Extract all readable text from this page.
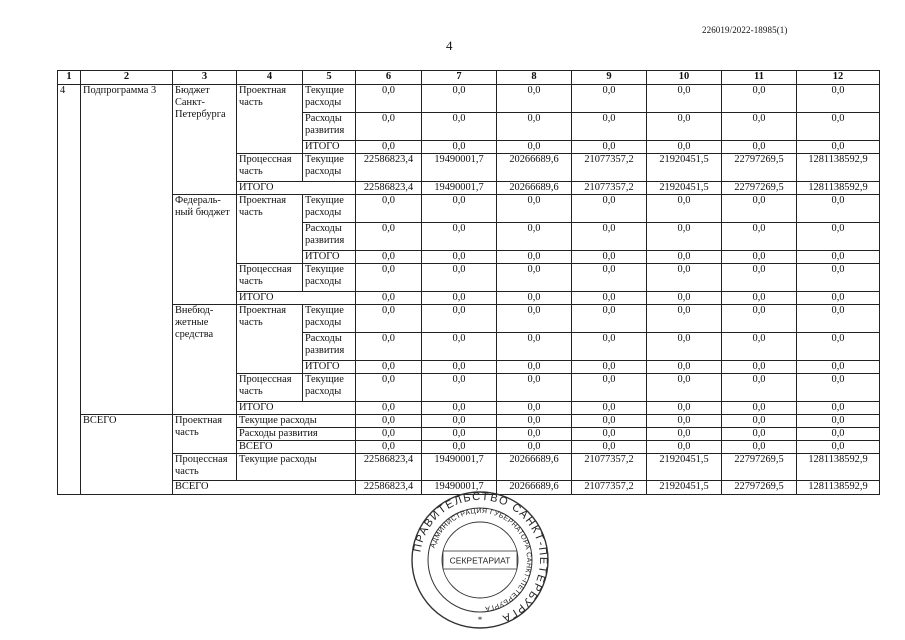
226019/2022-18985(1)
4
1	2	3	4	5	6	7	8	9	10	11	12
4	Подпрограмма 3	Бюджет Санкт-Петербурга	Проектная часть	Текущие расходы	0,0	0,0	0,0	0,0	0,0	0,0	0,0
				Расходы развития	0,0	0,0	0,0	0,0	0,0	0,0	0,0
				ИТОГО	0,0	0,0	0,0	0,0	0,0	0,0	0,0
			Процессная часть	Текущие расходы	22586823,4	19490001,7	20266689,6	21077357,2	21920451,5	22797269,5	1281138592,9
			ИТОГО		22586823,4	19490001,7	20266689,6	21077357,2	21920451,5	22797269,5	1281138592,9
		Федераль-ный бюджет	Проектная часть	Текущие расходы	0,0	0,0	0,0	0,0	0,0	0,0	0,0
				Расходы развития	0,0	0,0	0,0	0,0	0,0	0,0	0,0
				ИТОГО	0,0	0,0	0,0	0,0	0,0	0,0	0,0
			Процессная часть	Текущие расходы	0,0	0,0	0,0	0,0	0,0	0,0	0,0
			ИТОГО		0,0	0,0	0,0	0,0	0,0	0,0	0,0
		Внебюд-жетные средства	Проектная часть	Текущие расходы	0,0	0,0	0,0	0,0	0,0	0,0	0,0
				Расходы развития	0,0	0,0	0,0	0,0	0,0	0,0	0,0
				ИТОГО	0,0	0,0	0,0	0,0	0,0	0,0	0,0
			Процессная часть	Текущие расходы	0,0	0,0	0,0	0,0	0,0	0,0	0,0
			ИТОГО		0,0	0,0	0,0	0,0	0,0	0,0	0,0
	ВСЕГО	Проектная часть	Текущие расходы		0,0	0,0	0,0	0,0	0,0	0,0	0,0
			Расходы развития		0,0	0,0	0,0	0,0	0,0	0,0	0,0
			ВСЕГО		0,0	0,0	0,0	0,0	0,0	0,0	0,0
		Процессная часть	Текущие расходы		22586823,4	19490001,7	20266689,6	21077357,2	21920451,5	22797269,5	1281138592,9
		ВСЕГО			22586823,4	19490001,7	20266689,6	21077357,2	21920451,5	22797269,5	1281138592,9
ПРАВИТЕЛЬСТВО САНКТ-ПЕТЕРБУРГА
АДМИНИСТРАЦИЯ ГУБЕРНАТОРА САНКТ-ПЕТЕРБУРГА
СЕКРЕТАРИАТ
*
